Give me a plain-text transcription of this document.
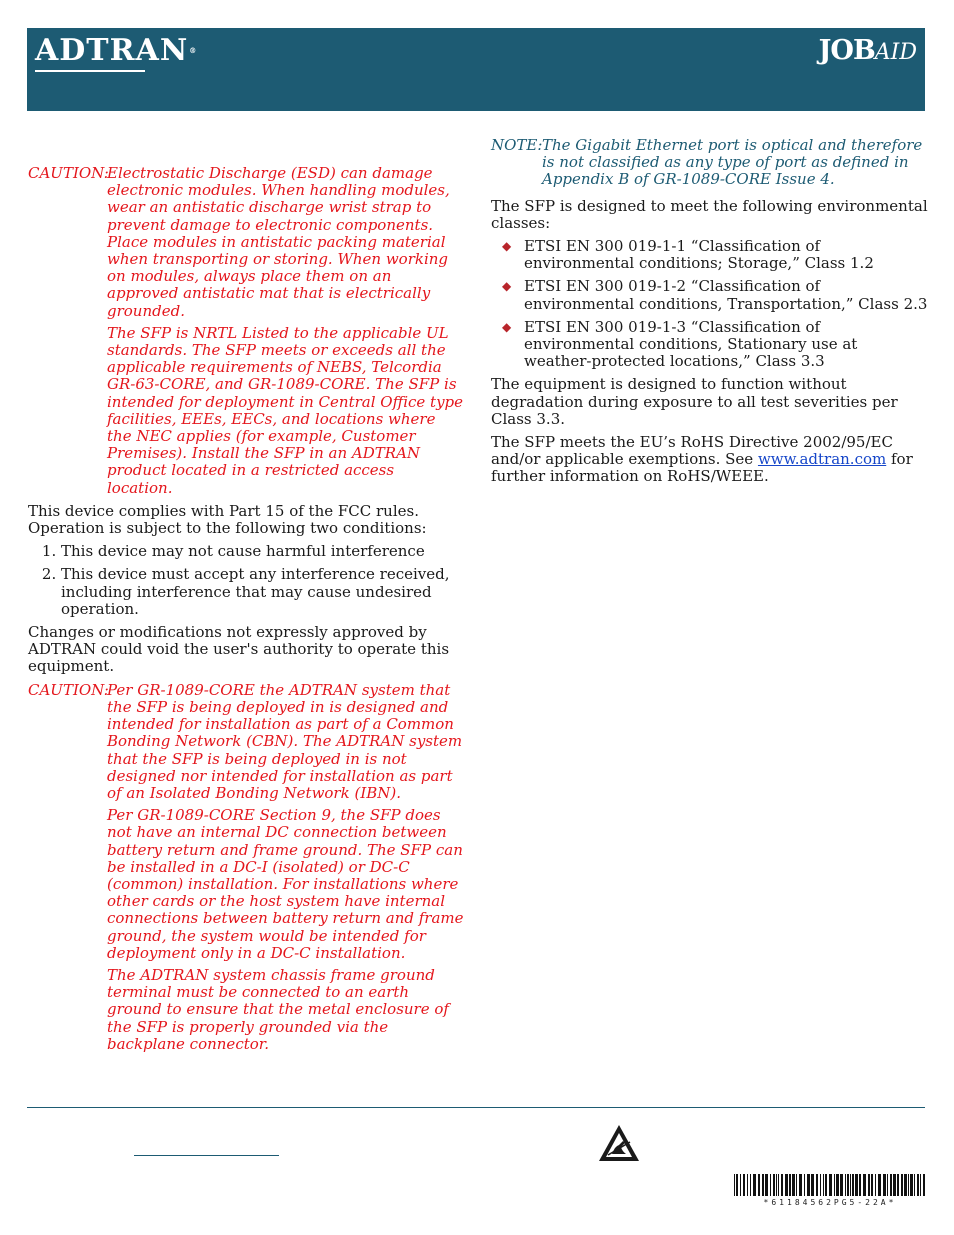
ADTRAN®	JOBAID
CAUTION:

Electrostatic Discharge (ESD) can damage electronic modules. When handling modules, wear an antistatic discharge wrist strap to prevent damage to electronic components. Place modules in antistatic packing material when transporting or storing. When working on modules, always place them on an approved antistatic mat that is electrically grounded.

The SFP is NRTL Listed to the applicable UL standards. The SFP meets or exceeds all the applicable requirements of NEBS, Telcordia GR-63-CORE, and GR-1089-CORE. The SFP is intended for deployment in Central Office type facilities, EEEs, EECs, and locations where the NEC applies (for example, Customer Premises). Install the SFP in an ADTRAN product located in a restricted access location.

This device complies with Part 15 of the FCC rules. Operation is subject to the following two conditions:

1. This device may not cause harmful interference
2. This device must accept any interference received, including interference that may cause undesired operation.

Changes or modifications not expressly approved by ADTRAN could void the user's authority to operate this equipment.

CAUTION:

Per GR-1089-CORE the ADTRAN system that the SFP is being deployed in is designed and intended for installation as part of a Common Bonding Network (CBN). The ADTRAN system that the SFP is being deployed in is not designed nor intended for installation as part of an Isolated Bonding Network (IBN).

Per GR-1089-CORE Section 9, the SFP does not have an internal DC connection between battery return and frame ground. The SFP can be installed in a DC-I (isolated) or DC-C (common) installation. For installations where other cards or the host system have internal connections between battery return and frame ground, the system would be intended for deployment only in a DC-C installation.

The ADTRAN system chassis frame ground terminal must be connected to an earth ground to ensure that the metal enclosure of the SFP is properly grounded via the backplane connector.

NOTE: The Gigabit Ethernet port is optical and therefore is not classified as any type of port as defined in Appendix B of GR-1089-CORE Issue 4.

The SFP is designed to meet the following environmental classes:

◆ ETSI EN 300 019-1-1 “Classification of environmental conditions; Storage,” Class 1.2
◆ ETSI EN 300 019-1-2 “Classification of environmental conditions, Transportation,” Class 2.3
◆ ETSI EN 300 019-1-3 “Classification of environmental conditions, Stationary use at weather-protected locations,” Class 3.3

The equipment is designed to function without degradation during exposure to all test severities per Class 3.3.

The SFP meets the EU’s RoHS Directive 2002/95/EC and/or applicable exemptions. See www.adtran.com for further information on RoHS/WEEE.

*61184562PG5-22A*
